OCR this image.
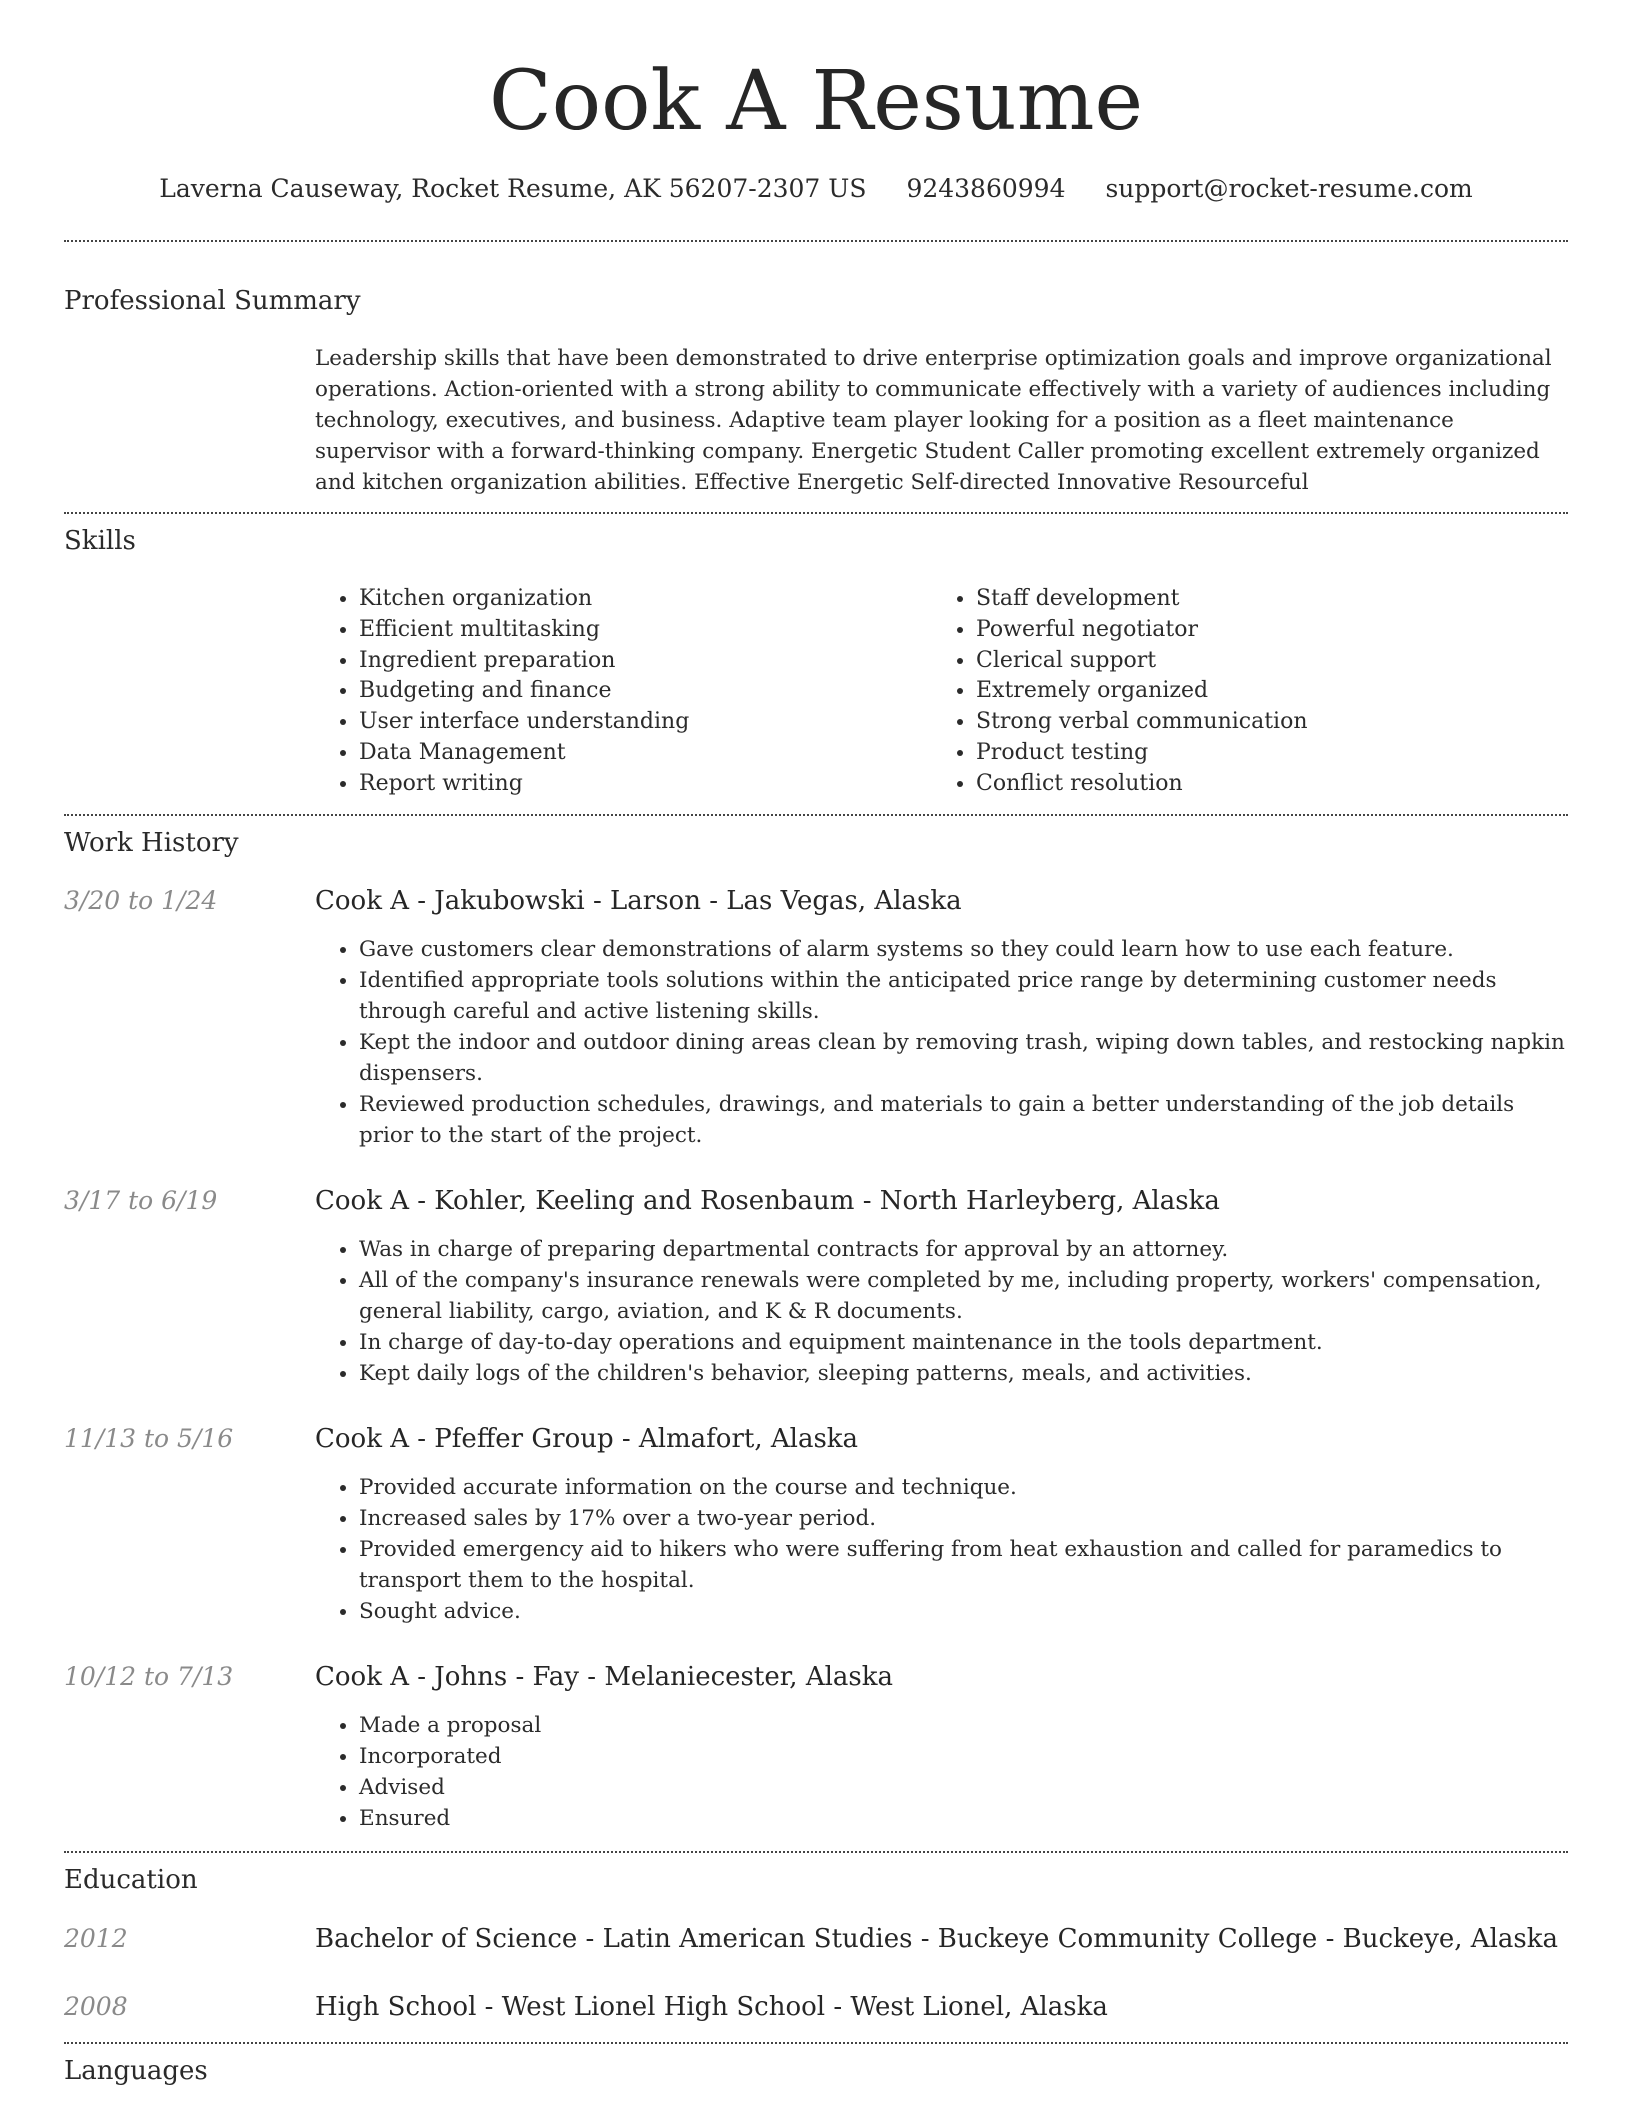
Cook A Resume
Laverna Causeway, Rocket Resume, AK 56207-2307 US 9243860994 support@rocket-resume.com
Professional Summary
Leadership skills that have been demonstrated to drive enterprise optimization goals and improve organizational operations. Action-oriented with a strong ability to communicate effectively with a variety of audiences including technology, executives, and business. Adaptive team player looking for a position as a fleet maintenance supervisor with a forward-thinking company. Energetic Student Caller promoting excellent extremely organized and kitchen organization abilities. Effective Energetic Self-directed Innovative Resourceful
Skills
• Kitchen organization
• Efficient multitasking
• Ingredient preparation
• Budgeting and finance
• User interface understanding
• Data Management
• Report writing
• Staff development
• Powerful negotiator
• Clerical support
• Extremely organized
• Strong verbal communication
• Product testing
• Conflict resolution
Work History
3/20 to 1/24	Cook A - Jakubowski - Larson - Las Vegas, Alaska
• Gave customers clear demonstrations of alarm systems so they could learn how to use each feature.
• Identified appropriate tools solutions within the anticipated price range by determining customer needs through careful and active listening skills.
• Kept the indoor and outdoor dining areas clean by removing trash, wiping down tables, and restocking napkin dispensers.
• Reviewed production schedules, drawings, and materials to gain a better understanding of the job details prior to the start of the project.
3/17 to 6/19	Cook A - Kohler, Keeling and Rosenbaum - North Harleyberg, Alaska
• Was in charge of preparing departmental contracts for approval by an attorney.
• All of the company's insurance renewals were completed by me, including property, workers' compensation, general liability, cargo, aviation, and K & R documents.
• In charge of day-to-day operations and equipment maintenance in the tools department.
• Kept daily logs of the children's behavior, sleeping patterns, meals, and activities.
11/13 to 5/16	Cook A - Pfeffer Group - Almafort, Alaska
• Provided accurate information on the course and technique.
• Increased sales by 17% over a two-year period.
• Provided emergency aid to hikers who were suffering from heat exhaustion and called for paramedics to transport them to the hospital.
• Sought advice.
10/12 to 7/13	Cook A - Johns - Fay - Melaniecester, Alaska
• Made a proposal
• Incorporated
• Advised
• Ensured
Education
2012	Bachelor of Science - Latin American Studies - Buckeye Community College - Buckeye, Alaska
2008	High School - West Lionel High School - West Lionel, Alaska
Languages
